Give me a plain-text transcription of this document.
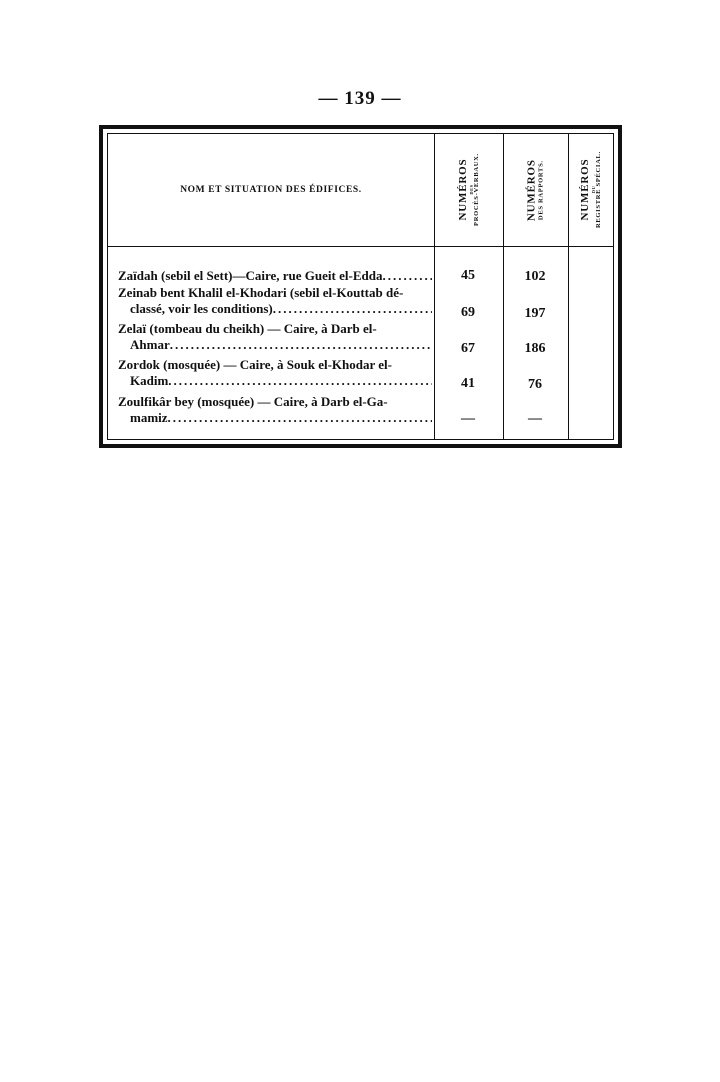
— 139 —
NOM ET SITUATION DES ÉDIFICES.	NUMÉROS DES PROCÈS-VERBAUX.	NUMÉROS DES RAPPORTS.	NUMÉROS DU REGISTRE SPÉCIAL.
Zaïdah (sebil el Sett)—Caire, rue Gueit el-Edda .....	45	102
Zeinab bent Khalil el-Khodari (sebil el-Kouttab dé-
classé, voir les conditions) .....	69	197
Zelaï (tombeau du cheikh) — Caire, à Darb el-
Ahmar .....	67	186
Zordok (mosquée) — Caire, à Souk el-Khodar el-
Kadim .....	41	76
Zoulfikâr bey (mosquée) — Caire, à Darb el-Ga-
mamiz .....	—	—
